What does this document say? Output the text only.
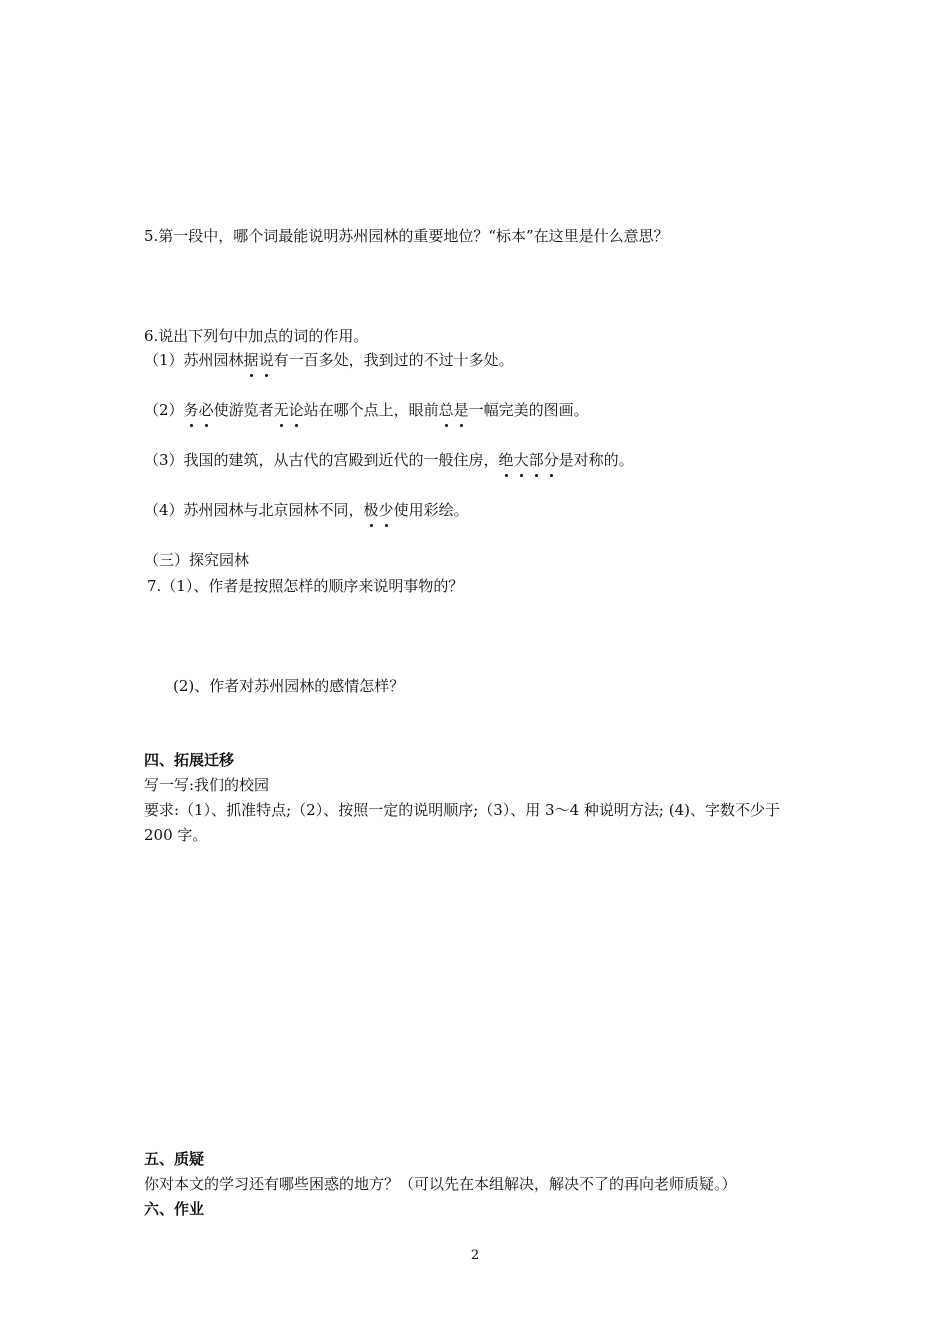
5.第一段中，哪个词最能说明苏州园林的重要地位？“标本”在这里是什么意思？
6.说出下列句中加点的词的作用。
（1）苏州园林据说有一百多处，我到过的不过十多处。
（2）务必使游览者无论站在哪个点上，眼前总是一幅完美的图画。
（3）我国的建筑，从古代的宫殿到近代的一般住房，绝大部分是对称的。
（4）苏州园林与北京园林不同，极少使用彩绘。
（三）探究园林
7.（1）、作者是按照怎样的顺序来说明事物的？
(2)、作者对苏州园林的感情怎样？
四、拓展迁移
写一写:我们的校园
要求:（1）、抓准特点;（2）、按照一定的说明顺序;（3）、用 3～4 种说明方法; (4)、字数不少于
200 字。
五、质疑
你对本文的学习还有哪些困惑的地方？（可以先在本组解决，解决不了的再向老师质疑。）
六、作业
2
